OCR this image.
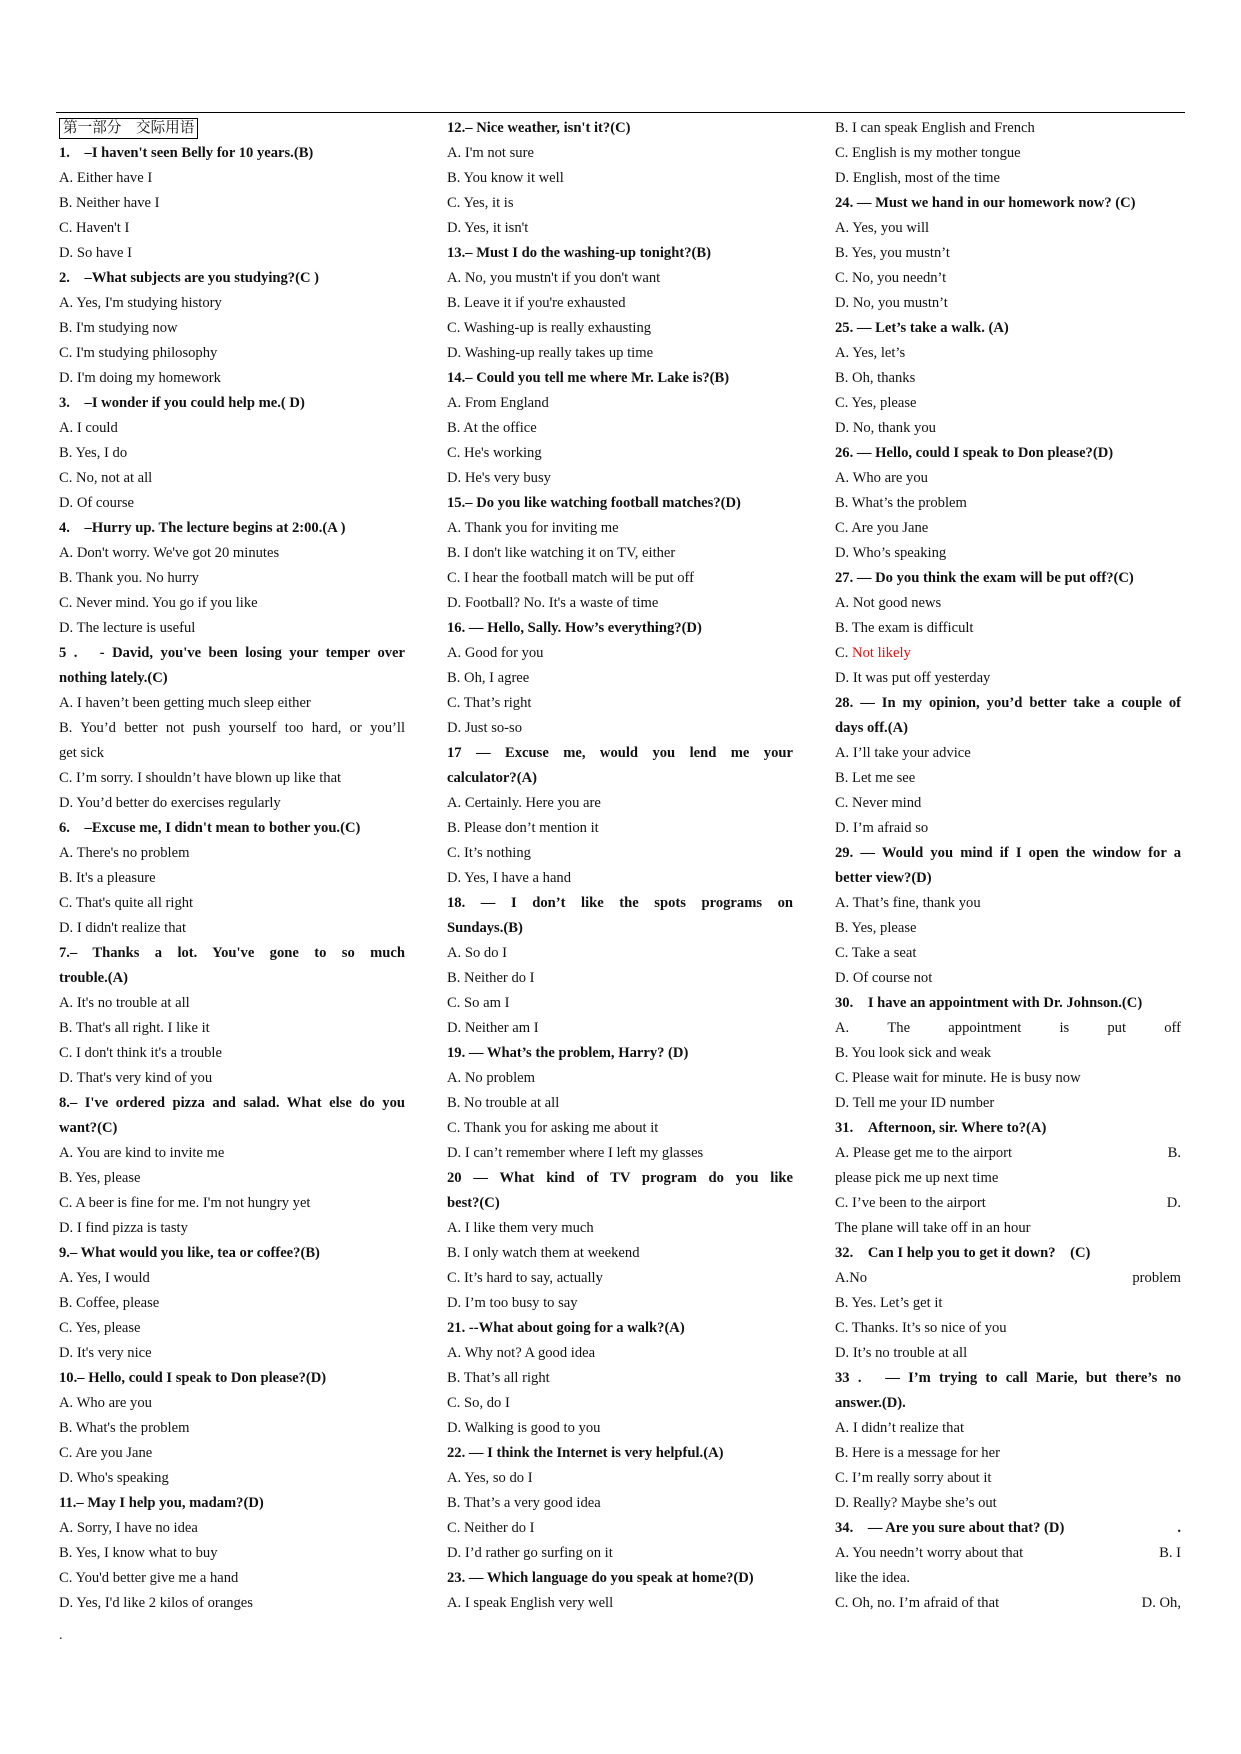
第一部分　交际用语
1.　–I haven't seen Belly for 10 years.(B)
A. Either have I
B. Neither have I
C. Haven't I
D. So have I
2.　–What subjects are you studying?(C )
A. Yes, I'm studying history
B. I'm studying now
C. I'm studying philosophy
D. I'm doing my homework
3.　–I wonder if you could help me.( D)
A. I could
B. Yes, I do
C. No, not at all
D. Of course
4.　–Hurry up. The lecture begins at 2:00.(A )
A. Don't worry. We've got 20 minutes
B. Thank you. No hurry
C. Never mind. You go if you like
D. The lecture is useful
5 .　- David, you've been losing your temper over
nothing lately.(C)
A. I haven’t been getting much sleep either
B. You’d better not push yourself too hard, or you’ll
get sick
C. I’m sorry. I shouldn’t have blown up like that
D. You’d better do exercises regularly
6.　–Excuse me, I didn't mean to bother you.(C)
A. There's no problem
B. It's a pleasure
C. That's quite all right
D. I didn't realize that
7.– Thanks a lot. You've gone to so much
trouble.(A)
A. It's no trouble at all
B. That's all right. I like it
C. I don't think it's a trouble
D. That's very kind of you
8.– I've ordered pizza and salad. What else do you
want?(C)
A. You are kind to invite me
B. Yes, please
C. A beer is fine for me. I'm not hungry yet
D. I find pizza is tasty
9.– What would you like, tea or coffee?(B)
A. Yes, I would
B. Coffee, please
C. Yes, please
D. It's very nice
10.– Hello, could I speak to Don please?(D)
A. Who are you
B. What's the problem
C. Are you Jane
D. Who's speaking
11.– May I help you, madam?(D)
A. Sorry, I have no idea
B. Yes, I know what to buy
C. You'd better give me a hand
D. Yes, I'd like 2 kilos of oranges
12.– Nice weather, isn't it?(C)
A. I'm not sure
B. You know it well
C. Yes, it is
D. Yes, it isn't
13.– Must I do the washing-up tonight?(B)
A. No, you mustn't if you don't want
B. Leave it if you're exhausted
C. Washing-up is really exhausting
D. Washing-up really takes up time
14.– Could you tell me where Mr. Lake is?(B)
A. From England
B. At the office
C. He's working
D. He's very busy
15.– Do you like watching football matches?(D)
A. Thank you for inviting me
B. I don't like watching it on TV, either
C. I hear the football match will be put off
D. Football? No. It's a waste of time
16. — Hello, Sally. How’s everything?(D)
A. Good for you
B. Oh, I agree
C. That’s right
D. Just so-so
17 — Excuse me, would you lend me your
calculator?(A)
A. Certainly. Here you are
B. Please don’t mention it
C. It’s nothing
D. Yes, I have a hand
18. — I don’t like the spots programs on
Sundays.(B)
A. So do I
B. Neither do I
C. So am I
D. Neither am I
19. — What’s the problem, Harry? (D)
A. No problem
B. No trouble at all
C. Thank you for asking me about it
D. I can’t remember where I left my glasses
20 — What kind of TV program do you like
best?(C)
A. I like them very much
B. I only watch them at weekend
C. It’s hard to say, actually
D. I’m too busy to say
21. --What about going for a walk?(A)
A. Why not? A good idea
B. That’s all right
C. So, do I
D. Walking is good to you
22. — I think the Internet is very helpful.(A)
A. Yes, so do I
B. That’s a very good idea
C. Neither do I
D. I’d rather go surfing on it
23. — Which language do you speak at home?(D)
A. I speak English very well
B. I can speak English and French
C. English is my mother tongue
D. English, most of the time
24. — Must we hand in our homework now? (C)
A. Yes, you will
B. Yes, you mustn’t
C. No, you needn’t
D. No, you mustn’t
25. — Let’s take a walk. (A)
A. Yes, let’s
B. Oh, thanks
C. Yes, please
D. No, thank you
26. — Hello, could I speak to Don please?(D)
A. Who are you
B. What’s the problem
C. Are you Jane
D. Who’s speaking
27. — Do you think the exam will be put off?(C)
A. Not good news
B. The exam is difficult
C. Not likely
D. It was put off yesterday
28. — In my opinion, you’d better take a couple of
days off.(A)
A. I’ll take your advice
B. Let me see
C. Never mind
D. I’m afraid so
29. — Would you mind if I open the window for a
better view?(D)
A. That’s fine, thank you
B. Yes, please
C. Take a seat
D. Of course not
30.　I have an appointment with Dr. Johnson.(C)
A.　The　appointment　is　put　off
B. You look sick and weak
C. Please wait for minute. He is busy now
D. Tell me your ID number
31.　Afternoon, sir. Where to?(A)
A. Please get me to the airport	B.
please pick me up next time
C. I’ve been to the airport	D.
The plane will take off in an hour
32.　Can I help you to get it down?　(C)
A.No	problem
B. Yes. Let’s get it
C. Thanks. It’s so nice of you
D. It’s no trouble at all
33 .　— I’m trying to call Marie, but there’s no
answer.(D).
A. I didn’t realize that
B. Here is a message for her
C. I’m really sorry about it
D. Really? Maybe she’s out
34.　— Are you sure about that? (D)	.
A. You needn’t worry about that	B. I
like the idea.
C. Oh, no. I’m afraid of that	D. Oh,
.
